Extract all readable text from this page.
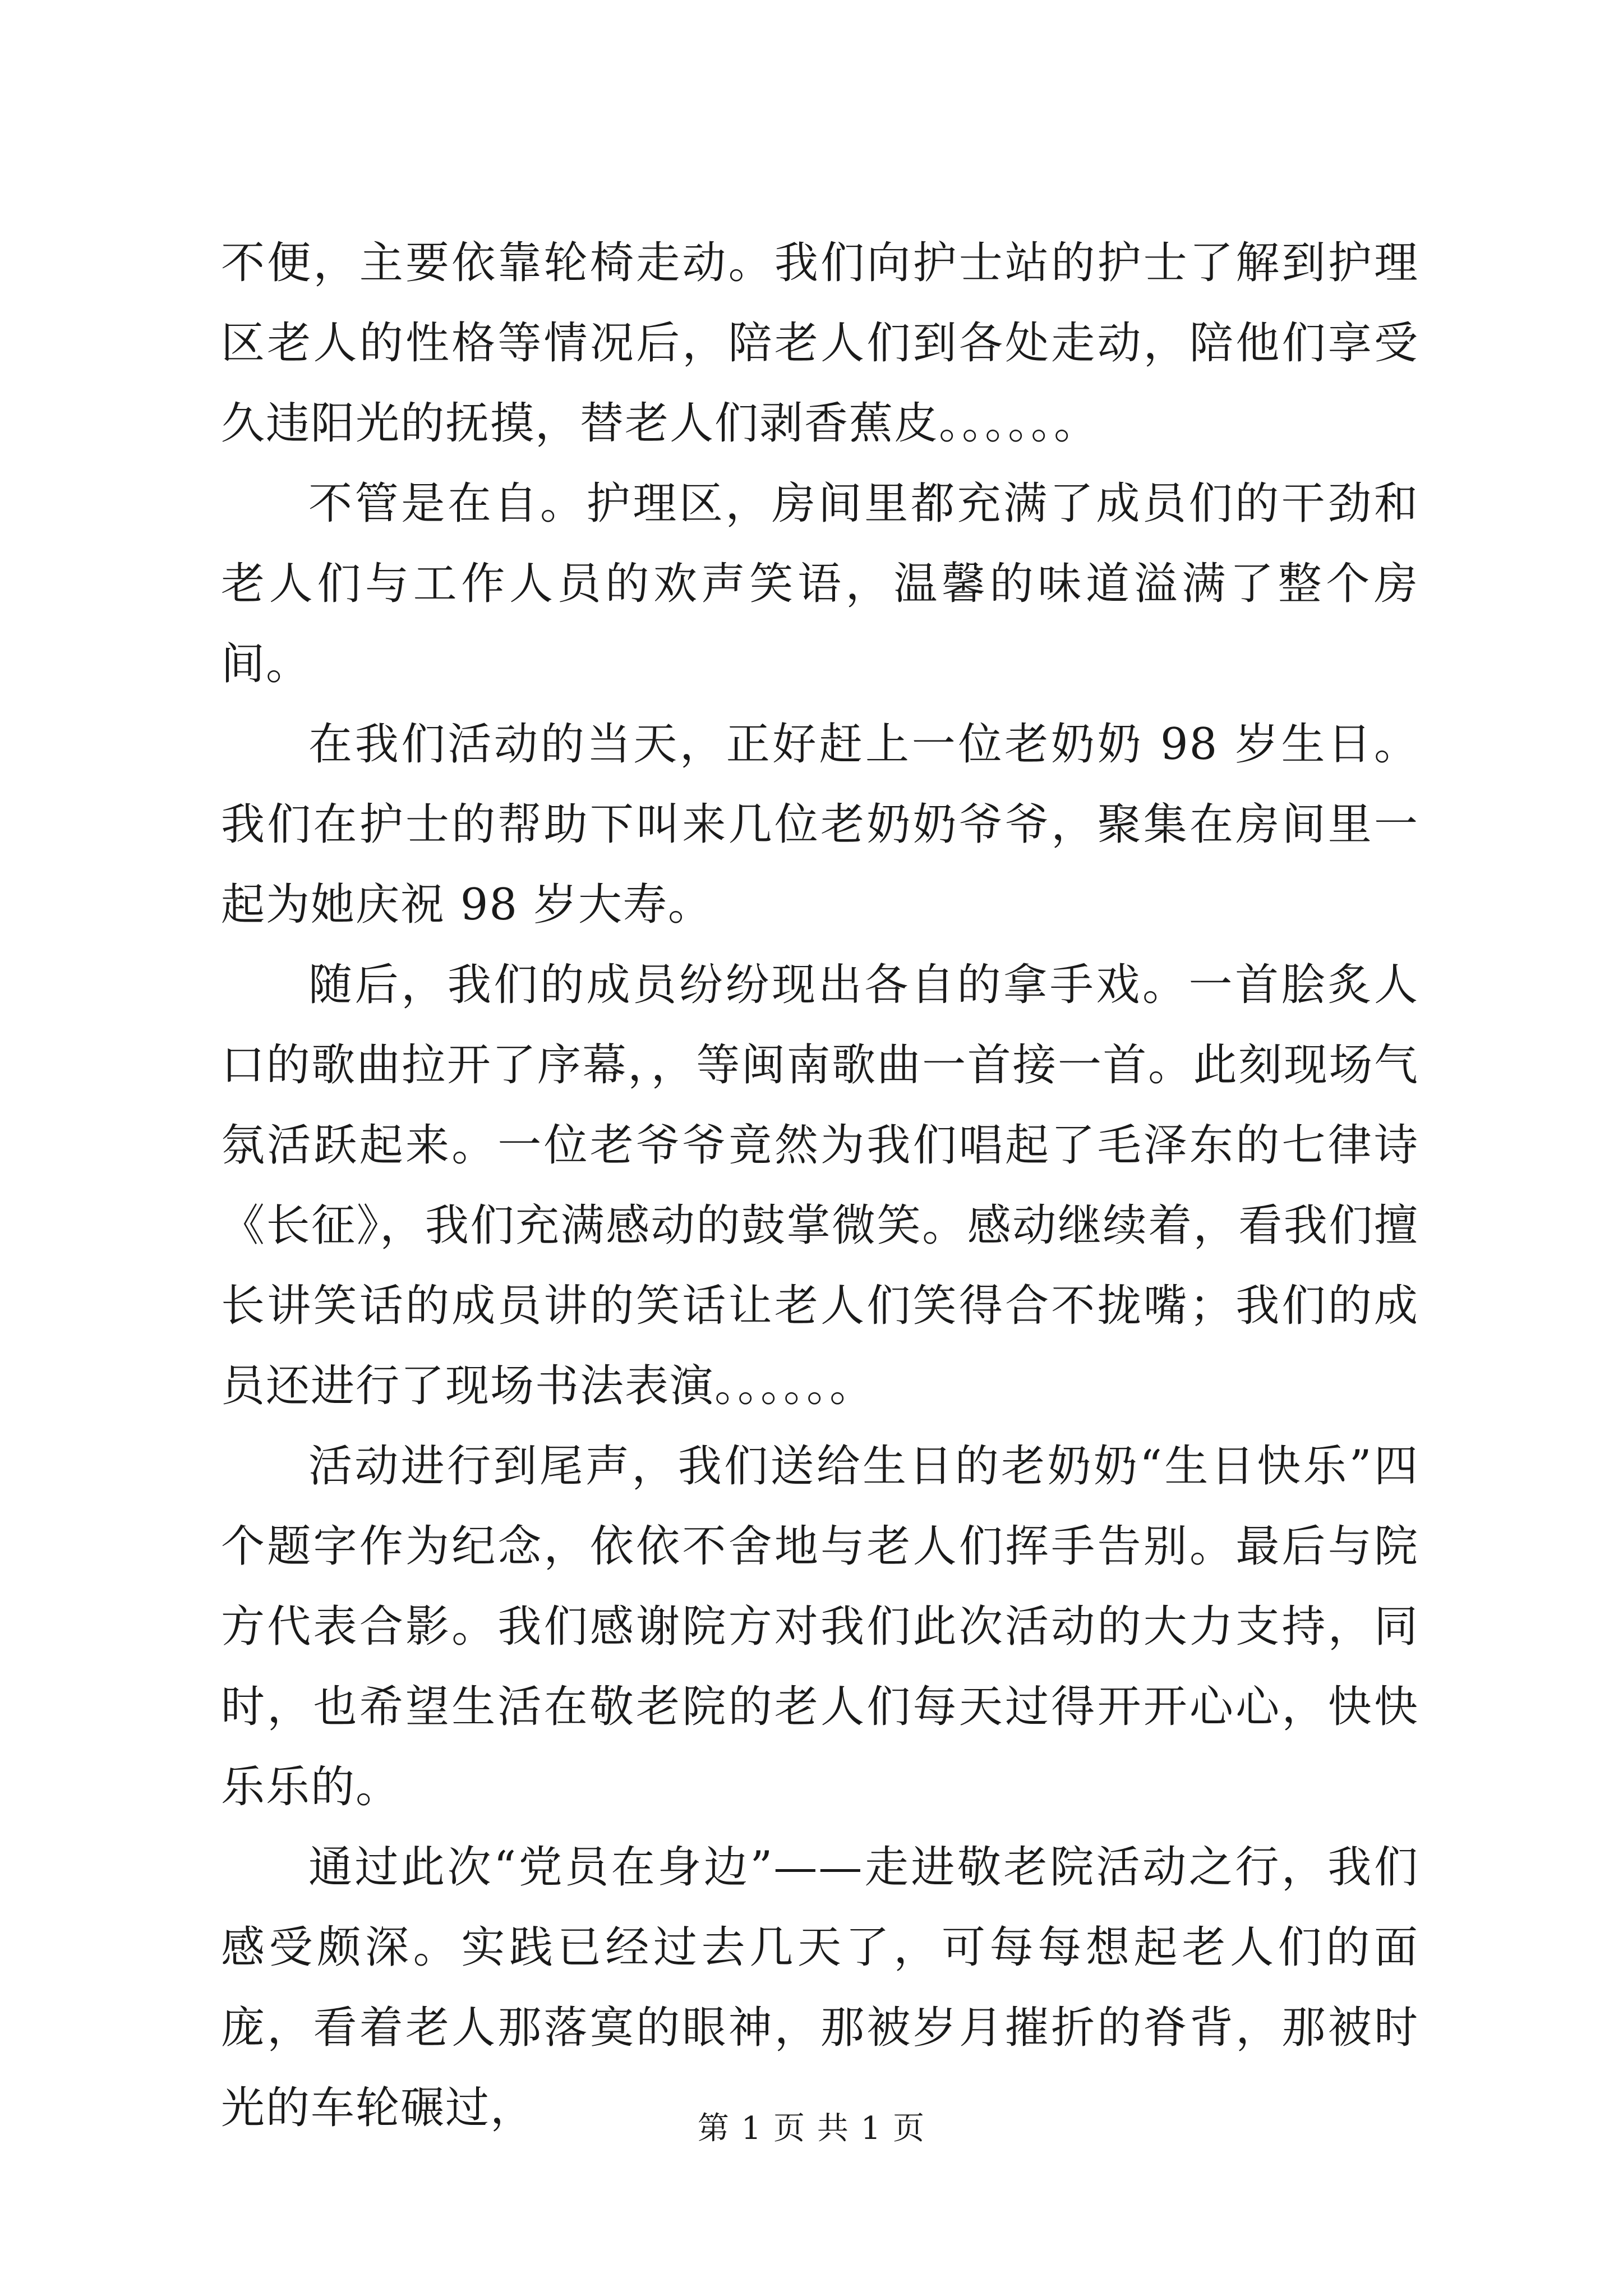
不便，主要依靠轮椅走动。我们向护士站的护士了解到护理区老人的性格等情况后，陪老人们到各处走动，陪他们享受久违阳光的抚摸，替老人们剥香蕉皮。。。。。。

不管是在自。护理区，房间里都充满了成员们的干劲和老人们与工作人员的欢声笑语，温馨的味道溢满了整个房间。

在我们活动的当天，正好赶上一位老奶奶 98 岁生日。我们在护士的帮助下叫来几位老奶奶爷爷，聚集在房间里一起为她庆祝 98 岁大寿。

随后，我们的成员纷纷现出各自的拿手戏。一首脍炙人口的歌曲拉开了序幕，，等闽南歌曲一首接一首。此刻现场气氛活跃起来。一位老爷爷竟然为我们唱起了毛泽东的七律诗《长征》，我们充满感动的鼓掌微笑。感动继续着，看我们擅长讲笑话的成员讲的笑话让老人们笑得合不拢嘴；我们的成员还进行了现场书法表演。。。。。。

活动进行到尾声，我们送给生日的老奶奶“生日快乐”四个题字作为纪念，依依不舍地与老人们挥手告别。最后与院方代表合影。我们感谢院方对我们此次活动的大力支持，同时，也希望生活在敬老院的老人们每天过得开开心心，快快乐乐的。

通过此次“党员在身边”——走进敬老院活动之行，我们感受颇深。实践已经过去几天了，可每每想起老人们的面庞，看着老人那落寞的眼神，那被岁月摧折的脊背，那被时光的车轮碾过，	第 1 页 共 1 页
